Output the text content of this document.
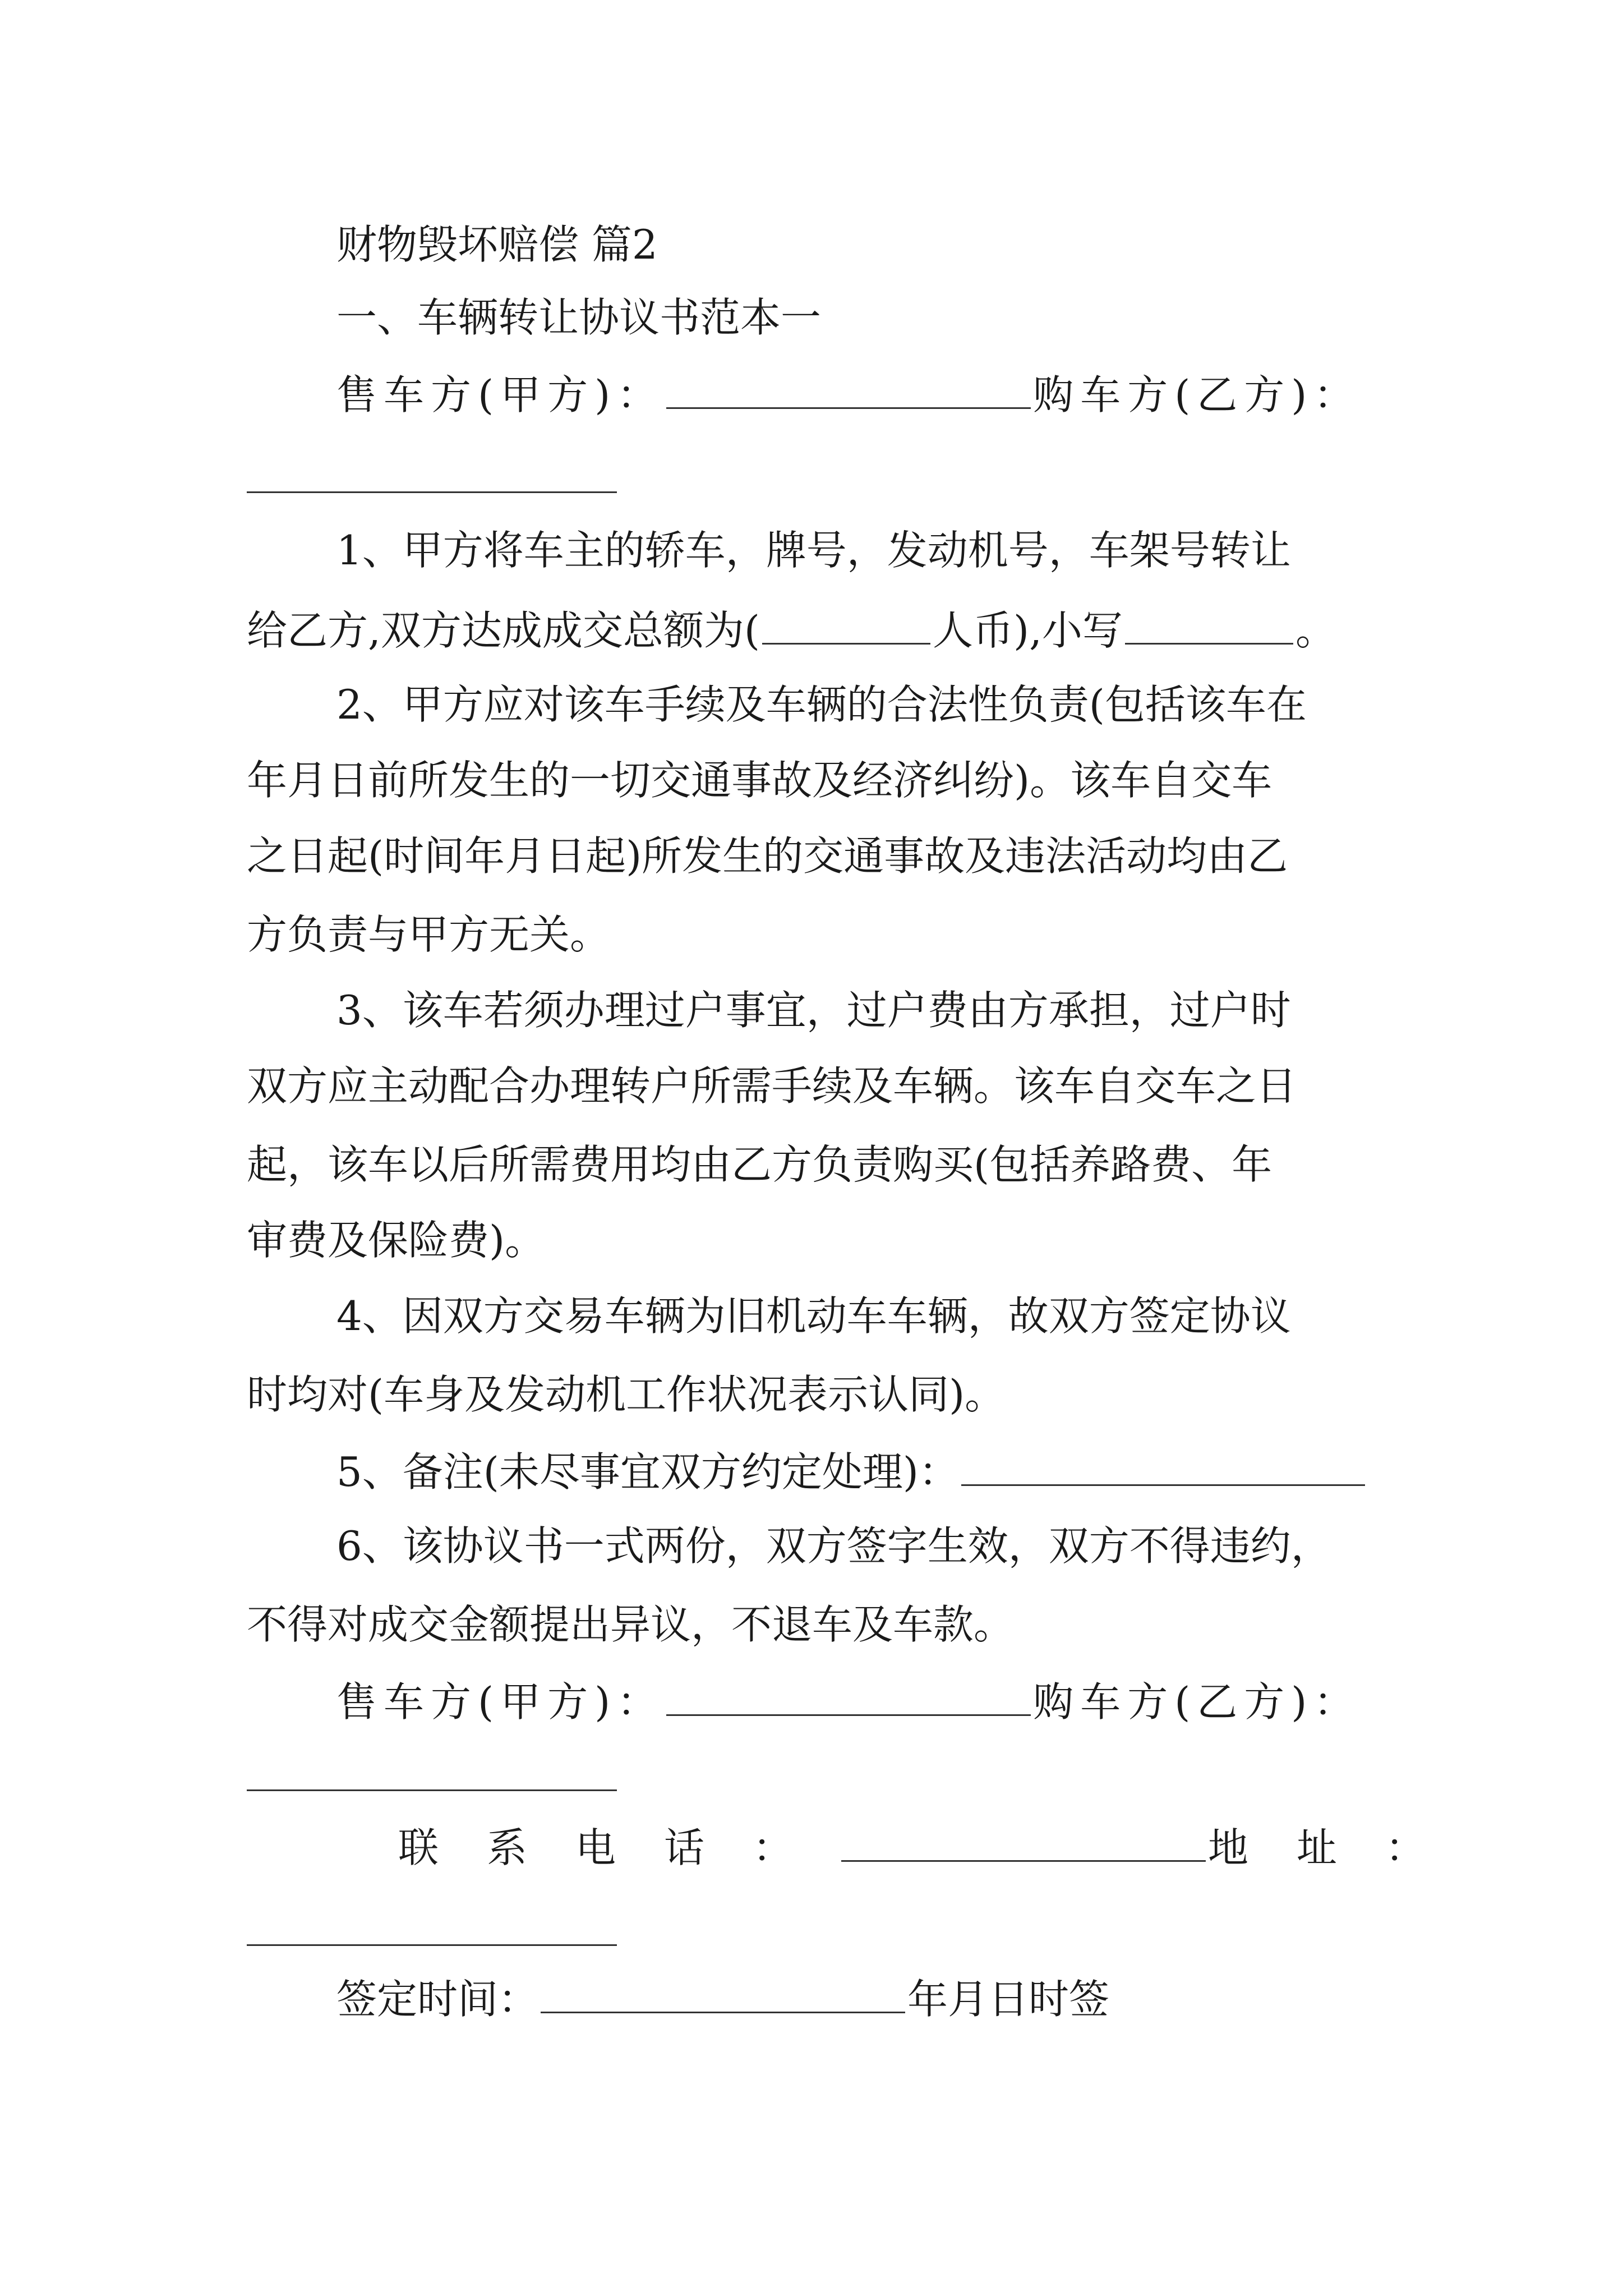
财物毁坏赔偿 篇2
一、车辆转让协议书范本一
售车方(甲方)：	购车方(乙方)：
1、甲方将车主的轿车，牌号，发动机号，车架号转让
给乙方,双方达成成交总额为(	人币),小写	。
2、甲方应对该车手续及车辆的合法性负责(包括该车在
年月日前所发生的一切交通事故及经济纠纷)。该车自交车
之日起(时间年月日起)所发生的交通事故及违法活动均由乙
方负责与甲方无关。
3、该车若须办理过户事宜，过户费由方承担，过户时
双方应主动配合办理转户所需手续及车辆。该车自交车之日
起，该车以后所需费用均由乙方负责购买(包括养路费、年
审费及保险费)。
4、因双方交易车辆为旧机动车车辆，故双方签定协议
时均对(车身及发动机工作状况表示认同)。
5、备注(未尽事宜双方约定处理)：
6、该协议书一式两份，双方签字生效，双方不得违约，
不得对成交金额提出异议，不退车及车款。
售车方(甲方)：	购车方(乙方)：
联系电话：	地址：
签定时间：	年月日时签
